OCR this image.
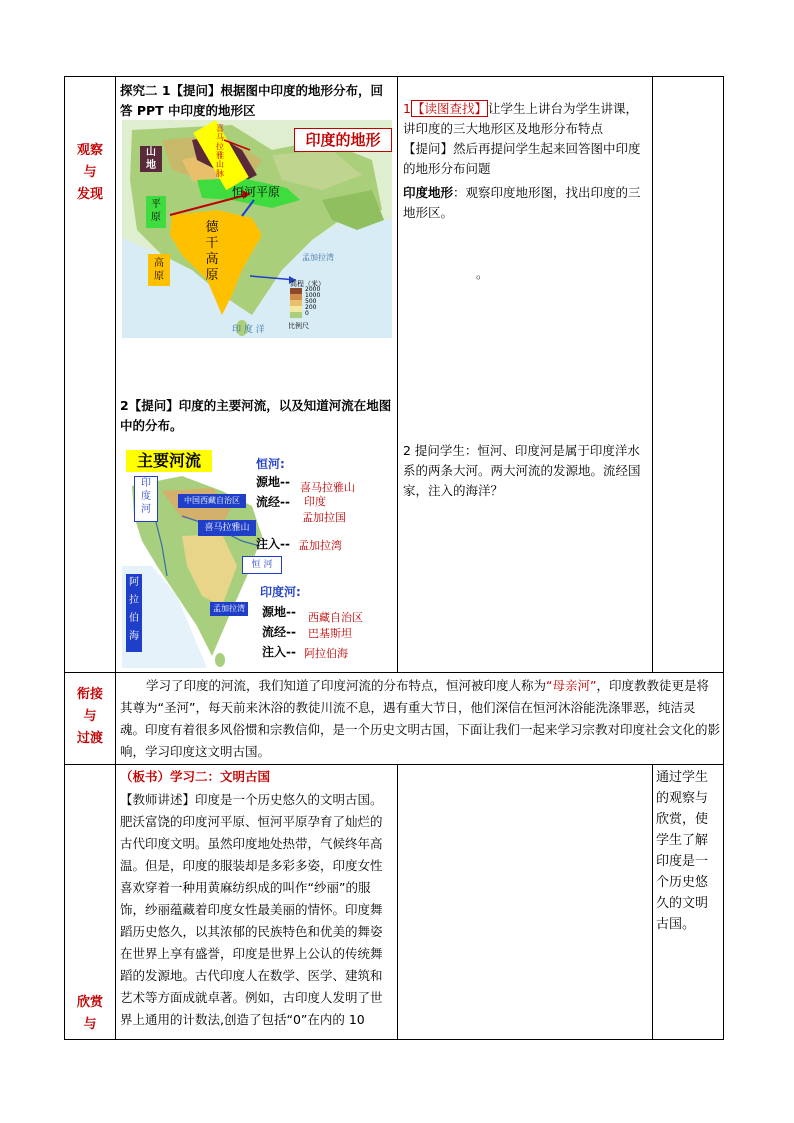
观察
与
发现
探究二 1【提问】根据图中印度的地形分布，回答 PPT 中印度的地形区
印度的地形
山
地
喜
马
拉
雅
山
脉
恒河平原
平
原
德
干
高
原
高
原
孟加拉湾
高程（米）
2000
1000
500
200
0
比例尺
印 度 洋
2【提问】印度的主要河流，以及知道河流在地图中的分布。
主要河流
印
度
河
中国西藏自治区
喜马拉雅山
恒 河
阿
拉
伯
海
孟加拉湾
恒河:
源地--
流经--
注入--
喜马拉雅山
印度
孟加拉国
孟加拉湾
印度河:
源地--
流经--
注入--
西藏自治区
巴基斯坦
阿拉伯海
1【读图查找】让学生上讲台为学生讲课，讲印度的三大地形区及地形分布特点
【提问】然后再提问学生起来回答图中印度的地形分布问题
印度地形：观察印度地形图，找出印度的三地形区。
。
2 提问学生：恒河、印度河是属于印度洋水系的两条大河。两大河流的发源地。流经国家，注入的海洋？
衔接
与
过渡
学习了印度的河流，我们知道了印度河流的分布特点，恒河被印度人称为“母亲河”，印度教教徒更是将其尊为“圣河”，每天前来沐浴的教徒川流不息，遇有重大节日，他们深信在恒河沐浴能洗涤罪恶，纯洁灵魂。印度有着很多风俗惯和宗教信仰，是一个历史文明古国，下面让我们一起来学习宗教对印度社会文化的影响，学习印度这文明古国。
（板书）学习二：文明古国
【教师讲述】印度是一个历史悠久的文明古国。肥沃富饶的印度河平原、恒河平原孕育了灿烂的古代印度文明。虽然印度地处热带，气候终年高温。但是，印度的服装却是多彩多姿，印度女性喜欢穿着一种用黄麻纺织成的叫作“纱丽”的服饰，纱丽蕴藏着印度女性最美丽的情怀。印度舞蹈历史悠久，以其浓郁的民族特色和优美的舞姿在世界上享有盛誉，印度是世界上公认的传统舞蹈的发源地。古代印度人在数学、医学、建筑和艺术等方面成就卓著。例如，古印度人发明了世界上通用的计数法,创造了包括“0”在内的 10
通过学生的观察与欣赏，使学生了解印度是一个历史悠久的文明古国。
欣赏
与
